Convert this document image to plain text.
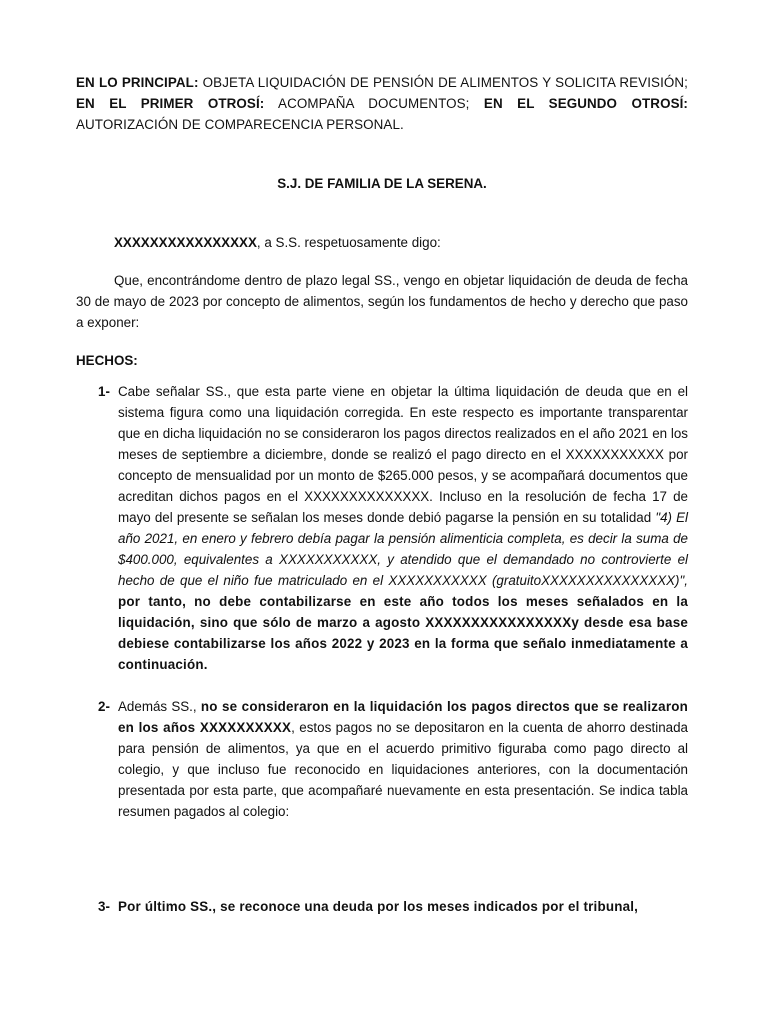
EN LO PRINCIPAL: OBJETA LIQUIDACIÓN DE PENSIÓN DE ALIMENTOS Y SOLICITA REVISIÓN; EN EL PRIMER OTROSÍ: ACOMPAÑA DOCUMENTOS; EN EL SEGUNDO OTROSÍ: AUTORIZACIÓN DE COMPARECENCIA PERSONAL.

S.J. DE FAMILIA DE LA SERENA.

XXXXXXXXXXXXXXXX, a S.S. respetuosamente digo:

Que, encontrándome dentro de plazo legal SS., vengo en objetar liquidación de deuda de fecha 30 de mayo de 2023 por concepto de alimentos, según los fundamentos de hecho y derecho que paso a exponer:

HECHOS:

1- Cabe señalar SS., que esta parte viene en objetar la última liquidación de deuda que en el sistema figura como una liquidación corregida. En este respecto es importante transparentar que en dicha liquidación no se consideraron los pagos directos realizados en el año 2021 en los meses de septiembre a diciembre, donde se realizó el pago directo en el XXXXXXXXXXX por concepto de mensualidad por un monto de $265.000 pesos, y se acompañará documentos que acreditan dichos pagos en el XXXXXXXXXXXXXX. Incluso en la resolución de fecha 17 de mayo del presente se señalan los meses donde debió pagarse la pensión en su totalidad "4) El año 2021, en enero y febrero debía pagar la pensión alimenticia completa, es decir la suma de $400.000, equivalentes a XXXXXXXXXXX, y atendido que el demandado no controvierte el hecho de que el niño fue matriculado en el XXXXXXXXXXX (gratuitoXXXXXXXXXXXXXXX)", por tanto, no debe contabilizarse en este año todos los meses señalados en la liquidación, sino que sólo de marzo a agosto XXXXXXXXXXXXXXXXy desde esa base debiese contabilizarse los años 2022 y 2023 en la forma que señalo inmediatamente a continuación.
2- Además SS., no se consideraron en la liquidación los pagos directos que se realizaron en los años XXXXXXXXXX, estos pagos no se depositaron en la cuenta de ahorro destinada para pensión de alimentos, ya que en el acuerdo primitivo figuraba como pago directo al colegio, y que incluso fue reconocido en liquidaciones anteriores, con la documentación presentada por esta parte, que acompañaré nuevamente en esta presentación. Se indica tabla resumen pagados al colegio:
3- Por último SS., se reconoce una deuda por los meses indicados por el tribunal,
